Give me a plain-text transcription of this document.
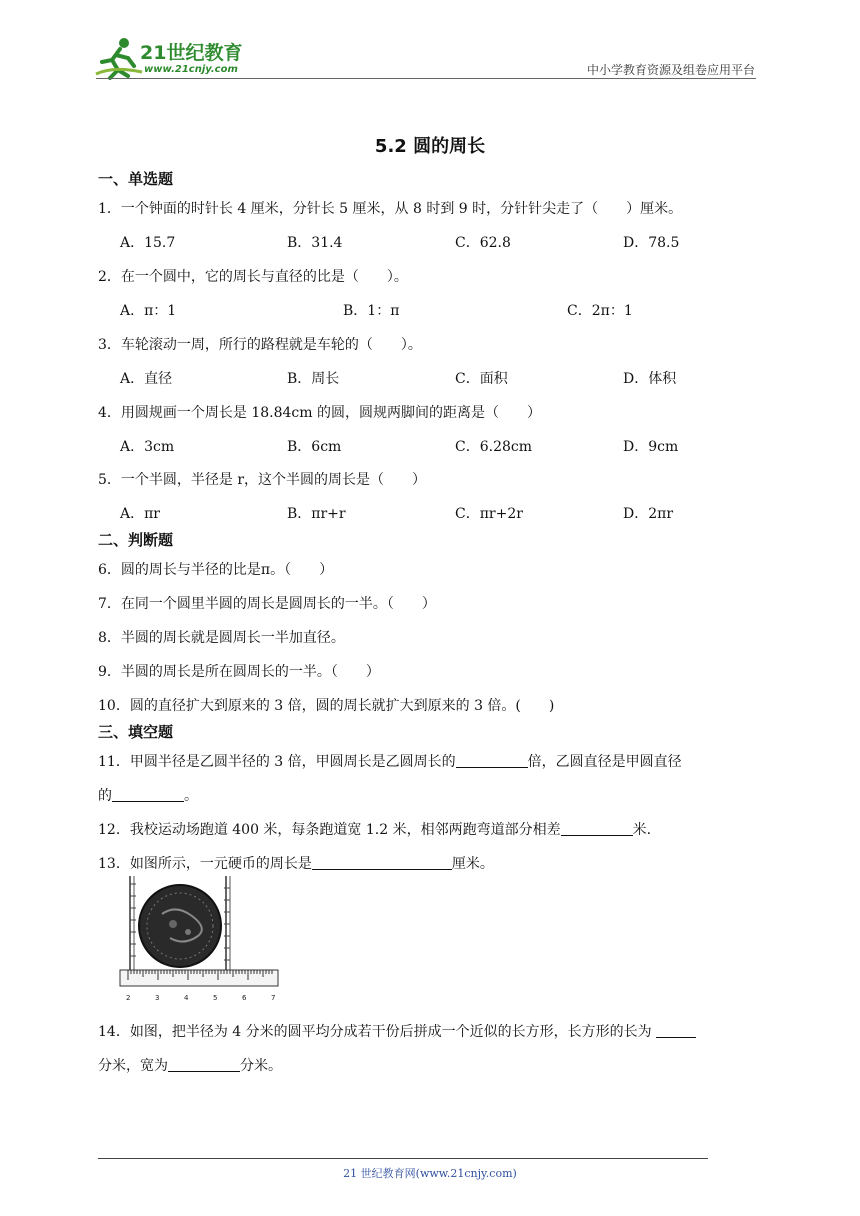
21世纪教育
www.21cnjy.com	中小学教育资源及组卷应用平台
5.2 圆的周长
一、单选题
1．一个钟面的时针长 4 厘米，分针长 5 厘米，从 8 时到 9 时，分针针尖走了（　　）厘米。
A．15.7	B．31.4	C．62.8	D．78.5
2．在一个圆中，它的周长与直径的比是（　　）。
A．π：1	B．1：π	C．2π：1
3．车轮滚动一周，所行的路程就是车轮的（　　）。
A．直径	B．周长	C．面积	D．体积
4．用圆规画一个周长是 18.84cm 的圆，圆规两脚间的距离是（　　）
A．3cm	B．6cm	C．6.28cm	D．9cm
5．一个半圆，半径是 r，这个半圆的周长是（　　）
A．πr	B．πr+r	C．πr+2r	D．2πr
二、判断题
6．圆的周长与半径的比是π。（　　）
7．在同一个圆里半圆的周长是圆周长的一半。（　　）
8．半圆的周长就是圆周长一半加直径。
9．半圆的周长是所在圆周长的一半。（　　）
10．圆的直径扩大到原来的 3 倍，圆的周长就扩大到原来的 3 倍。(　　)
三、填空题
11．甲圆半径是乙圆半径的 3 倍，甲圆周长是乙圆周长的	倍，乙圆直径是甲圆直径
的	。
12．我校运动场跑道 400 米，每条跑道宽 1.2 米，相邻两跑弯道部分相差	米.
13．如图所示，一元硬币的周长是	厘米。
2	3	4	5	6	7
14．如图，把半径为 4 分米的圆平均分成若干份后拼成一个近似的长方形，长方形的长为
分米，宽为	分米。
21 世纪教育网(www.21cnjy.com)
